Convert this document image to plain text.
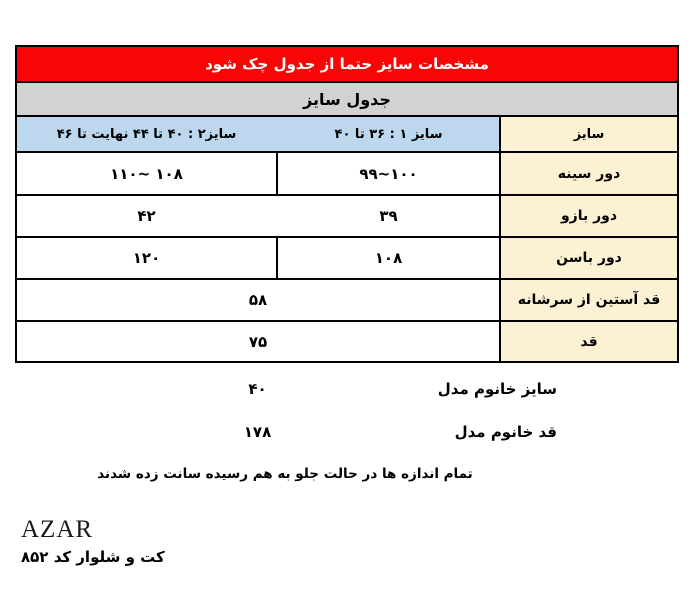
مشخصات سایز حتما از جدول چک شود
جدول سایز
سایز۲ : ۴۰ تا ۴۴ نهایت تا ۴۶	سایز ۱ : ۳۶ تا ۴۰	سایز
۱۱۰~ ۱۰۸	۹۹~۱۰۰	دور سینه
۴۲	۳۹	دور بازو
۱۲۰	۱۰۸	دور باسن
۵۸	قد آستین از سرشانه
۷۵	قد
۴۰	سایز خانوم مدل
۱۷۸	قد خانوم مدل
تمام اندازه ها در حالت جلو به هم رسیده سانت زده شدند
AZAR
کت و شلوار کد ۸۵۲
